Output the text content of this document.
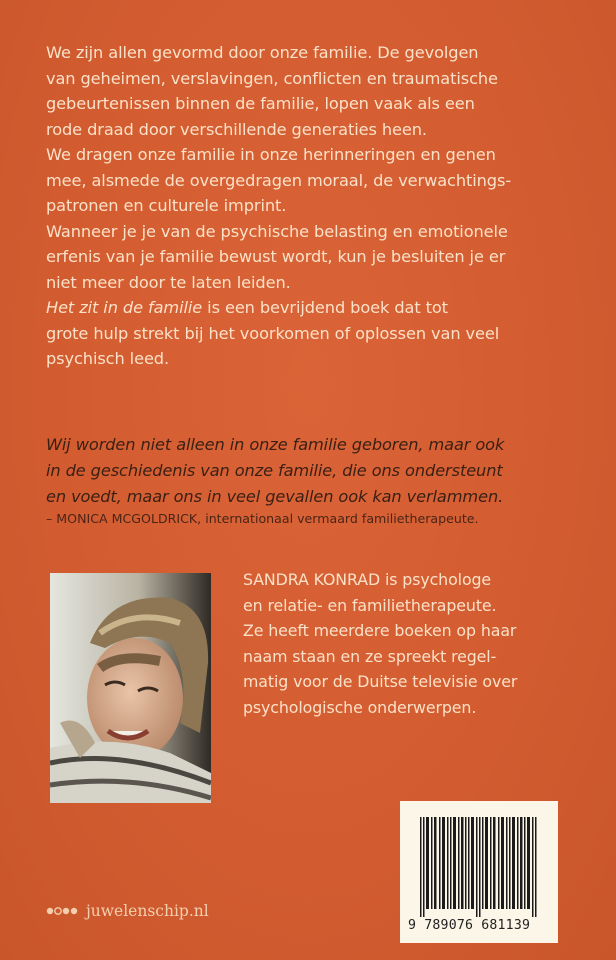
We zijn allen gevormd door onze familie. De gevolgen

van geheimen, verslavingen, conflicten en traumatische

gebeurtenissen binnen de familie, lopen vaak als een

rode draad door verschillende generaties heen.

We dragen onze familie in onze herinneringen en genen

mee, alsmede de overgedragen moraal, de verwachtings-

patronen en culturele imprint.

Wanneer je je van de psychische belasting en emotionele

erfenis van je familie bewust wordt, kun je besluiten je er

niet meer door te laten leiden.

Het zit in de familie is een bevrijdend boek dat tot

grote hulp strekt bij het voorkomen of oplossen van veel

psychisch leed.

Wij worden niet alleen in onze familie geboren, maar ook

in de geschiedenis van onze familie, die ons ondersteunt

en voedt, maar ons in veel gevallen ook kan verlammen.

– MONICA MCGOLDRICK, internationaal vermaard familietherapeute.

SANDRA KONRAD is psychologe

en relatie- en familietherapeute.

Ze heeft meerdere boeken op haar

naam staan en ze spreekt regel-

matig voor de Duitse televisie over

psychologische onderwerpen.

9 789076 681139
juwelenschip.nl
